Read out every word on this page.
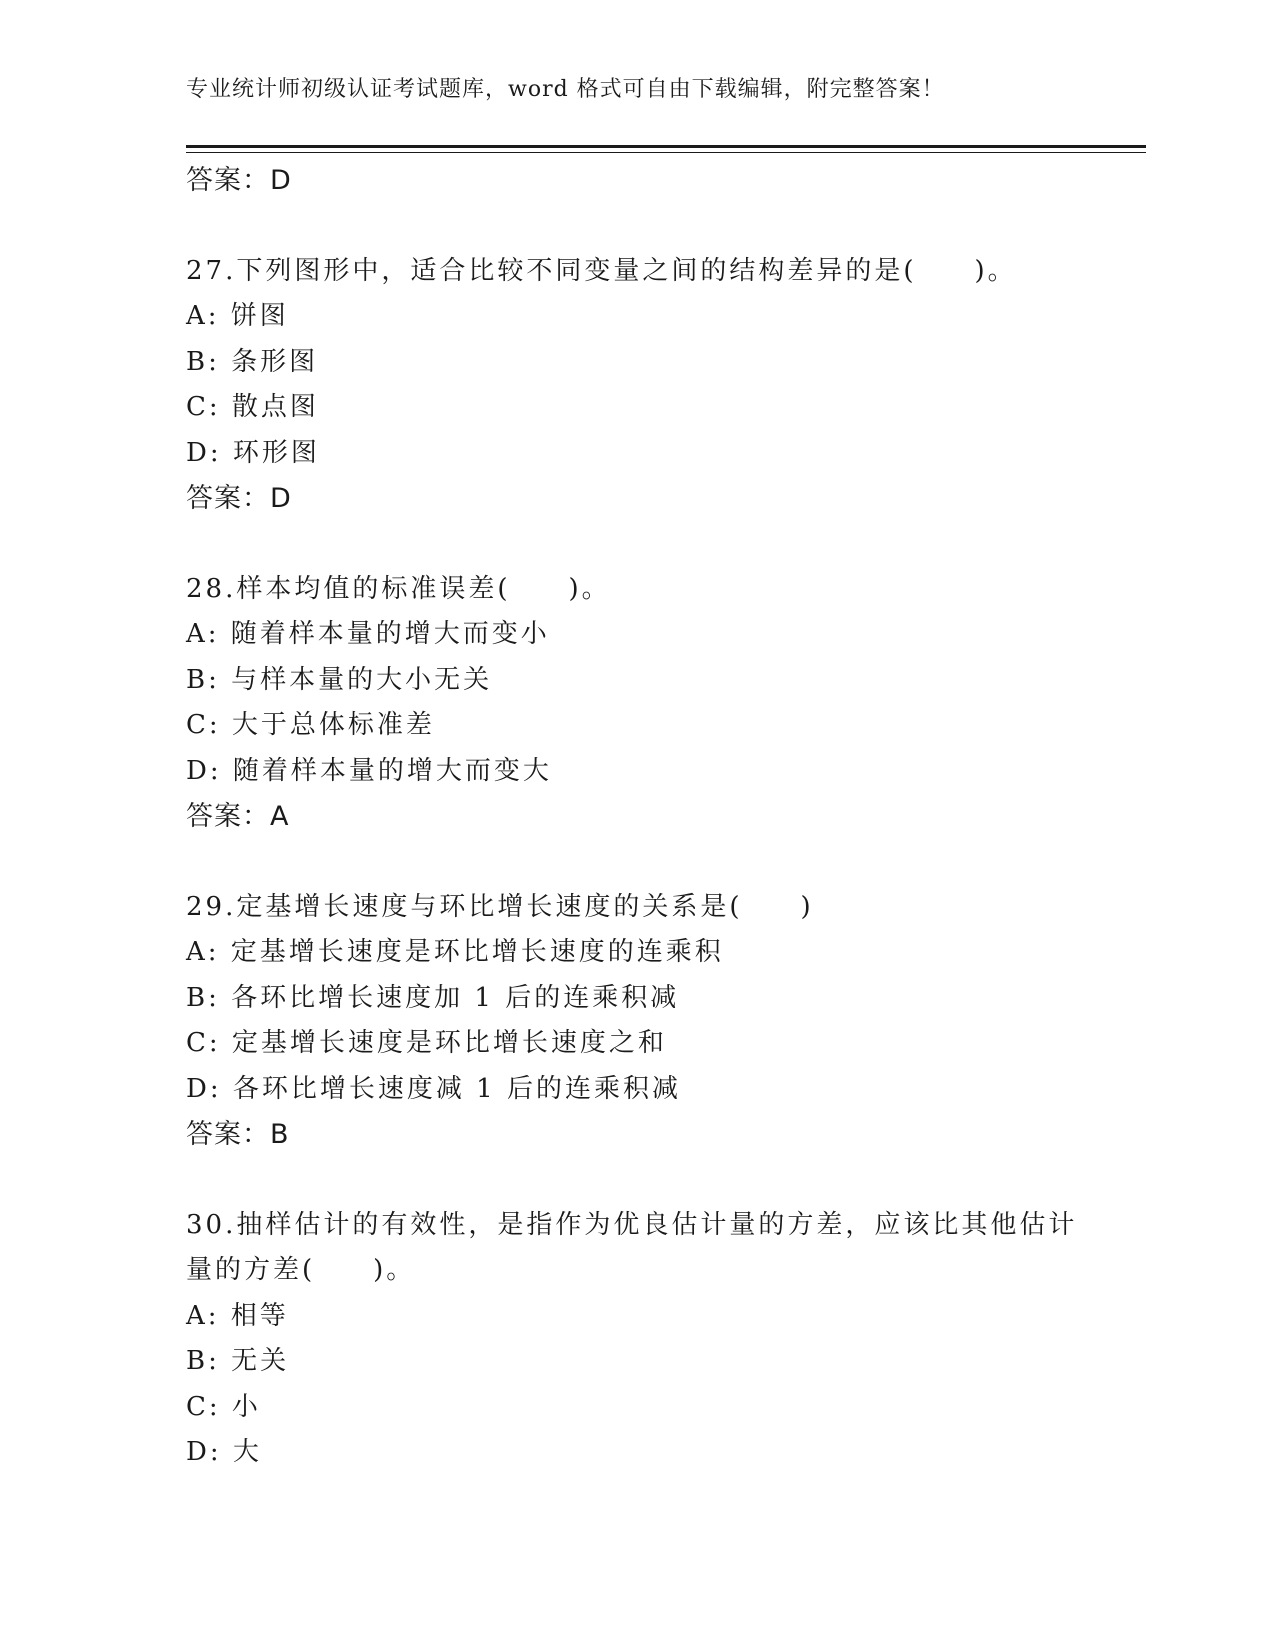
专业统计师初级认证考试题库，word 格式可自由下载编辑，附完整答案！
答案：D
27.下列图形中，适合比较不同变量之间的结构差异的是(　　)。
A: 饼图
B: 条形图
C: 散点图
D: 环形图
答案：D
28.样本均值的标准误差(　　)。
A: 随着样本量的增大而变小
B: 与样本量的大小无关
C: 大于总体标准差
D: 随着样本量的增大而变大
答案：A
29.定基增长速度与环比增长速度的关系是(　　)
A: 定基增长速度是环比增长速度的连乘积
B: 各环比增长速度加 1 后的连乘积减
C: 定基增长速度是环比增长速度之和
D: 各环比增长速度减 1 后的连乘积减
答案：B
30.抽样估计的有效性，是指作为优良估计量的方差，应该比其他估计
量的方差(　　)。
A: 相等
B: 无关
C: 小
D: 大
